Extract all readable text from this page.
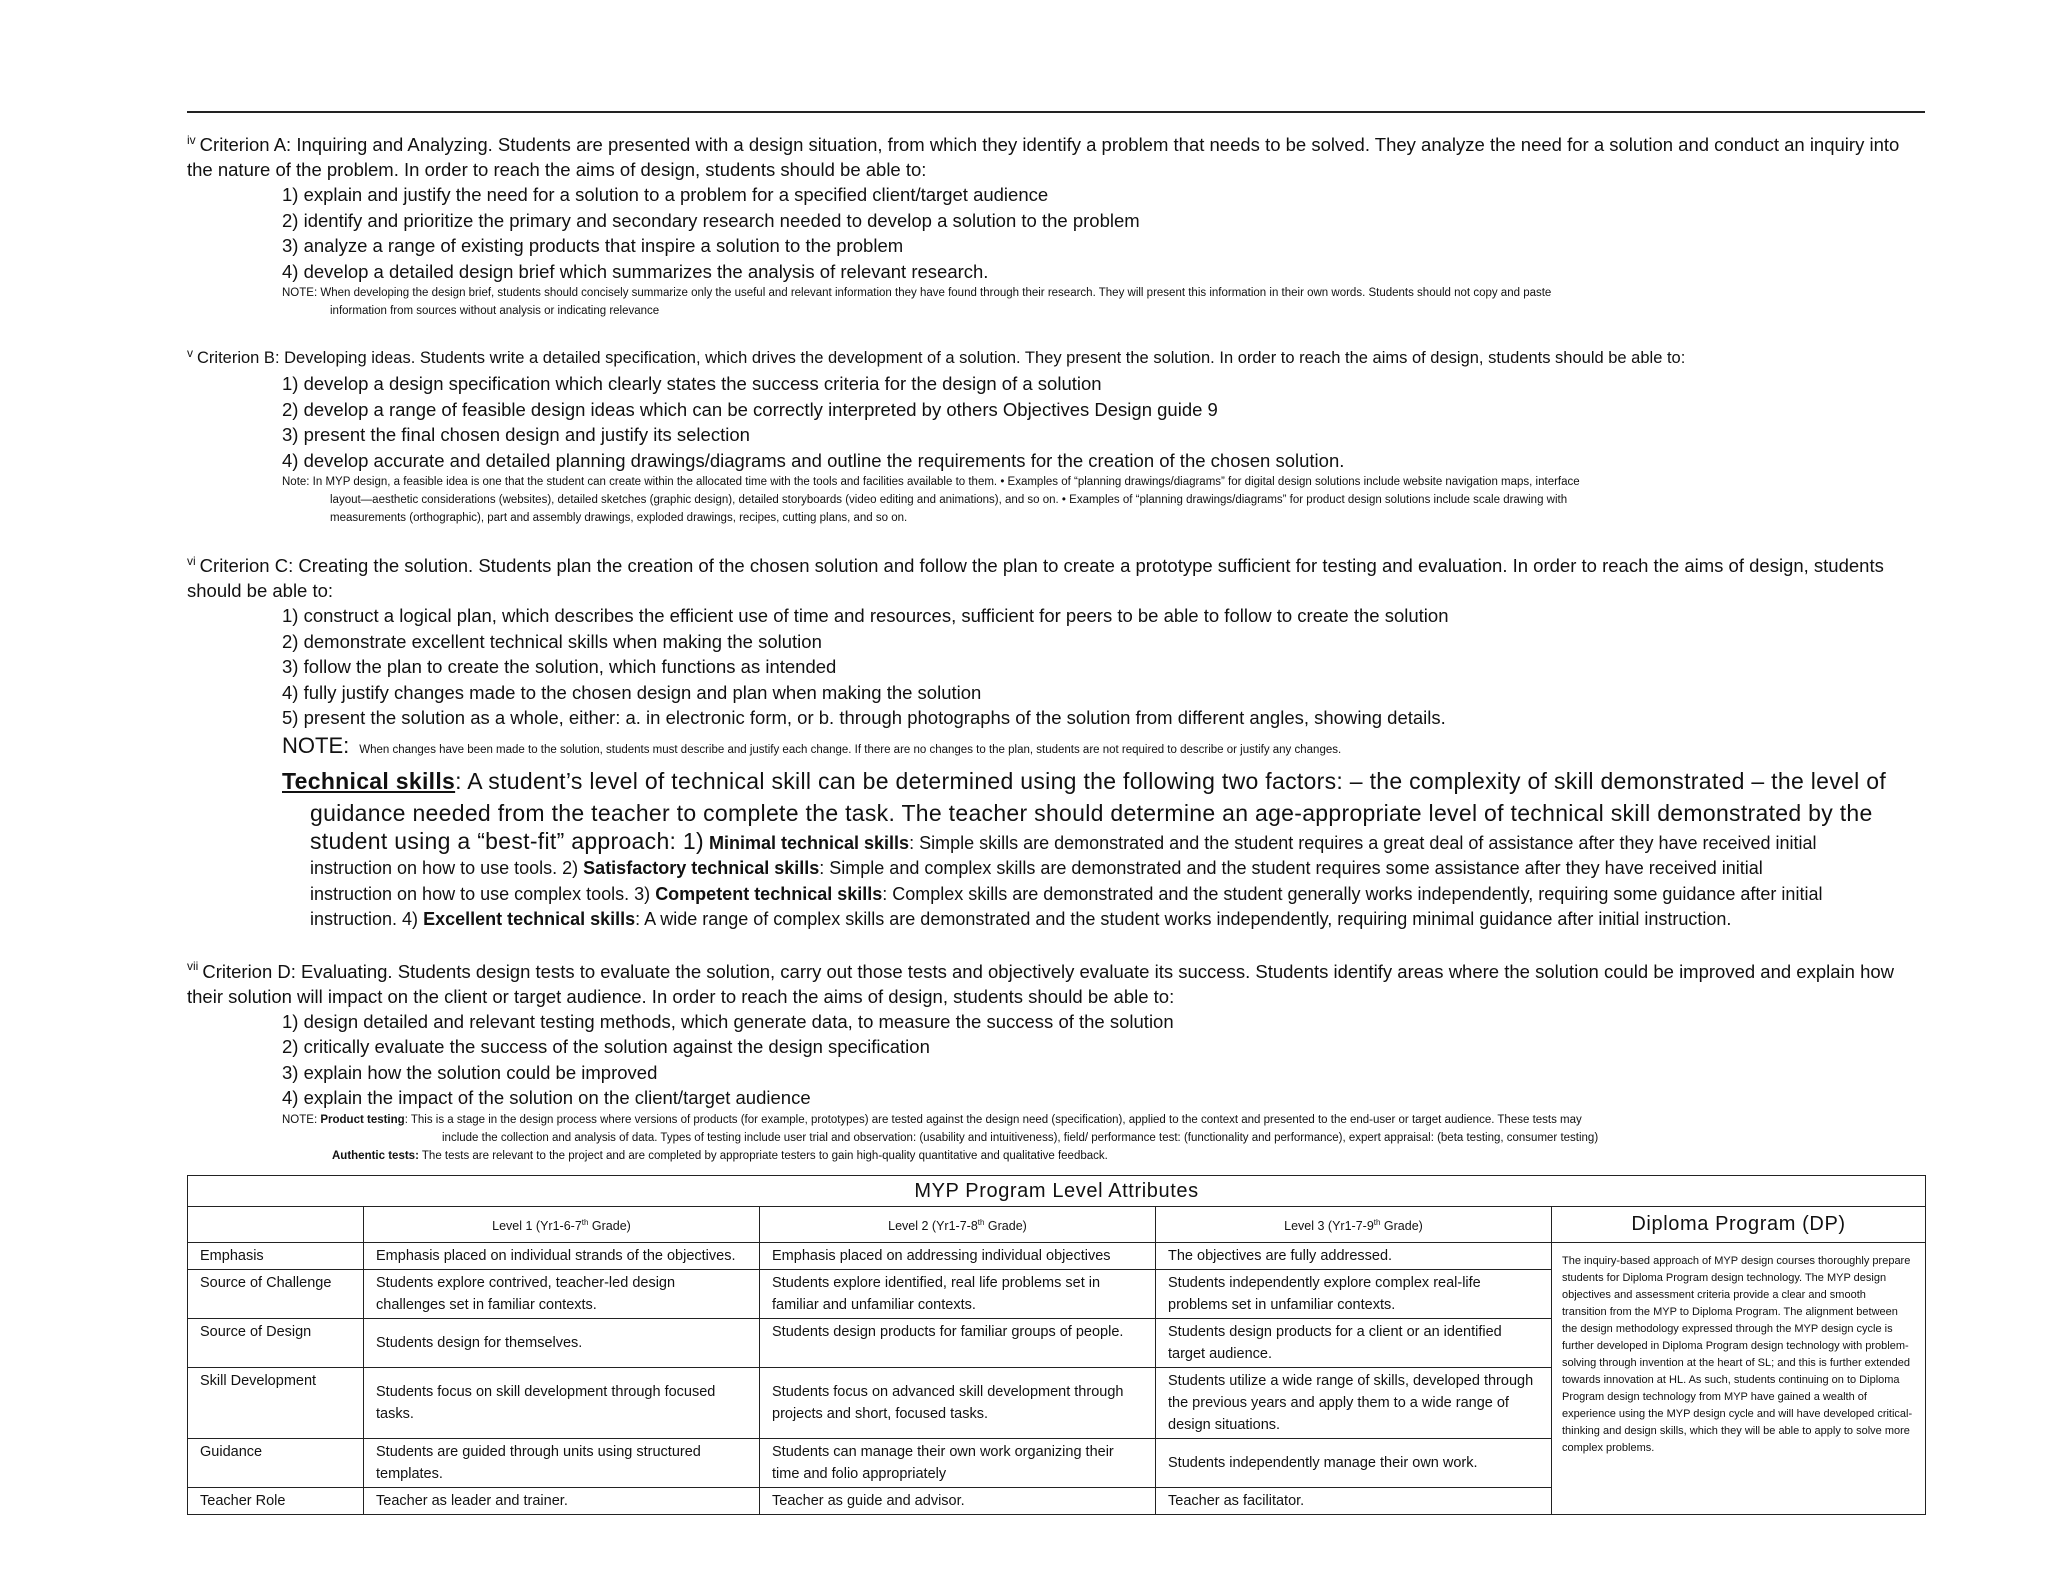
$^{iv}$ Criterion A: Inquiring and Analyzing. Students are presented with a design situation, from which they identify a problem that needs to be solved. They analyze the need for a solution and conduct an inquiry into the nature of the problem. In order to reach the aims of design, students should be able to:
1) explain and justify the need for a solution to a problem for a specified client/target audience
2) identify and prioritize the primary and secondary research needed to develop a solution to the problem
3) analyze a range of existing products that inspire a solution to the problem
4) develop a detailed design brief which summarizes the analysis of relevant research.
NOTE: When developing the design brief, students should concisely summarize only the useful and relevant information they have found through their research. They will present this information in their own words. Students should not copy and paste
information from sources without analysis or indicating relevance
$^v$ Criterion B: Developing ideas. Students write a detailed specification, which drives the development of a solution. They present the solution. In order to reach the aims of design, students should be able to:
1) develop a design specification which clearly states the success criteria for the design of a solution
2) develop a range of feasible design ideas which can be correctly interpreted by others Objectives Design guide 9
3) present the final chosen design and justify its selection
4) develop accurate and detailed planning drawings/diagrams and outline the requirements for the creation of the chosen solution.
Note: In MYP design, a feasible idea is one that the student can create within the allocated time with the tools and facilities available to them. • Examples of “planning drawings/diagrams” for digital design solutions include website navigation maps, interface
layout—aesthetic considerations (websites), detailed sketches (graphic design), detailed storyboards (video editing and animations), and so on. • Examples of “planning drawings/diagrams” for product design solutions include scale drawing with
measurements (orthographic), part and assembly drawings, exploded drawings, recipes, cutting plans, and so on.
$^{vi}$ Criterion C: Creating the solution. Students plan the creation of the chosen solution and follow the plan to create a prototype sufficient for testing and evaluation. In order to reach the aims of design, students should be able to:
1) construct a logical plan, which describes the efficient use of time and resources, sufficient for peers to be able to follow to create the solution
2) demonstrate excellent technical skills when making the solution
3) follow the plan to create the solution, which functions as intended
4) fully justify changes made to the chosen design and plan when making the solution
5) present the solution as a whole, either: a. in electronic form, or b. through photographs of the solution from different angles, showing details.
NOTE: When changes have been made to the solution, students must describe and justify each change. If there are no changes to the plan, students are not required to describe or justify any changes.
Technical skills: A student’s level of technical skill can be determined using the following two factors: – the complexity of skill demonstrated – the level of
guidance needed from the teacher to complete the task. The teacher should determine an age-appropriate level of technical skill demonstrated by the
student using a “best-fit” approach: 1) Minimal technical skills: Simple skills are demonstrated and the student requires a great deal of assistance after they have received initial
instruction on how to use tools. 2) Satisfactory technical skills: Simple and complex skills are demonstrated and the student requires some assistance after they have received initial
instruction on how to use complex tools. 3) Competent technical skills: Complex skills are demonstrated and the student generally works independently, requiring some guidance after initial
instruction. 4) Excellent technical skills: A wide range of complex skills are demonstrated and the student works independently, requiring minimal guidance after initial instruction.
$^{vii}$ Criterion D: Evaluating. Students design tests to evaluate the solution, carry out those tests and objectively evaluate its success. Students identify areas where the solution could be improved and explain how their solution will impact on the client or target audience. In order to reach the aims of design, students should be able to:
1) design detailed and relevant testing methods, which generate data, to measure the success of the solution
2) critically evaluate the success of the solution against the design specification
3) explain how the solution could be improved
4) explain the impact of the solution on the client/target audience
NOTE: Product testing: This is a stage in the design process where versions of products (for example, prototypes) are tested against the design need (specification), applied to the context and presented to the end-user or target audience. These tests may
include the collection and analysis of data. Types of testing include user trial and observation: (usability and intuitiveness), field/ performance test: (functionality and performance), expert appraisal: (beta testing, consumer testing)
Authentic tests: The tests are relevant to the project and are completed by appropriate testers to gain high-quality quantitative and qualitative feedback.
MYP Program Level Attributes				
	Level 1 (Yr1-6-7th Grade)	Level 2 (Yr1-7-8th Grade)	Level 3 (Yr1-7-9th Grade)	Diploma Program (DP)
Emphasis	Emphasis placed on individual strands of the objectives.	Emphasis placed on addressing individual objectives	The objectives are fully addressed.	The inquiry-based approach of MYP design courses thoroughly prepare students for Diploma Program design technology. The MYP design objectives and assessment criteria provide a clear and smooth transition from the MYP to Diploma Program. The alignment between the design methodology expressed through the MYP design cycle is further developed in Diploma Program design technology with problem-solving through invention at the heart of SL; and this is further extended towards innovation at HL. As such, students continuing on to Diploma Program design technology from MYP have gained a wealth of experience using the MYP design cycle and will have developed critical-thinking and design skills, which they will be able to apply to solve more complex problems.
Source of Challenge	Students explore contrived, teacher-led design challenges set in familiar contexts.	Students explore identified, real life problems set in familiar and unfamiliar contexts.	Students independently explore complex real-life problems set in unfamiliar contexts.	
Source of Design	Students design for themselves.	Students design products for familiar groups of people.	Students design products for a client or an identified target audience.	
Skill Development	Students focus on skill development through focused tasks.	Students focus on advanced skill development through projects and short, focused tasks.	Students utilize a wide range of skills, developed through the previous years and apply them to a wide range of design situations.	
Guidance	Students are guided through units using structured templates.	Students can manage their own work organizing their time and folio appropriately	Students independently manage their own work.	
Teacher Role	Teacher as leader and trainer.	Teacher as guide and advisor.	Teacher as facilitator.	
